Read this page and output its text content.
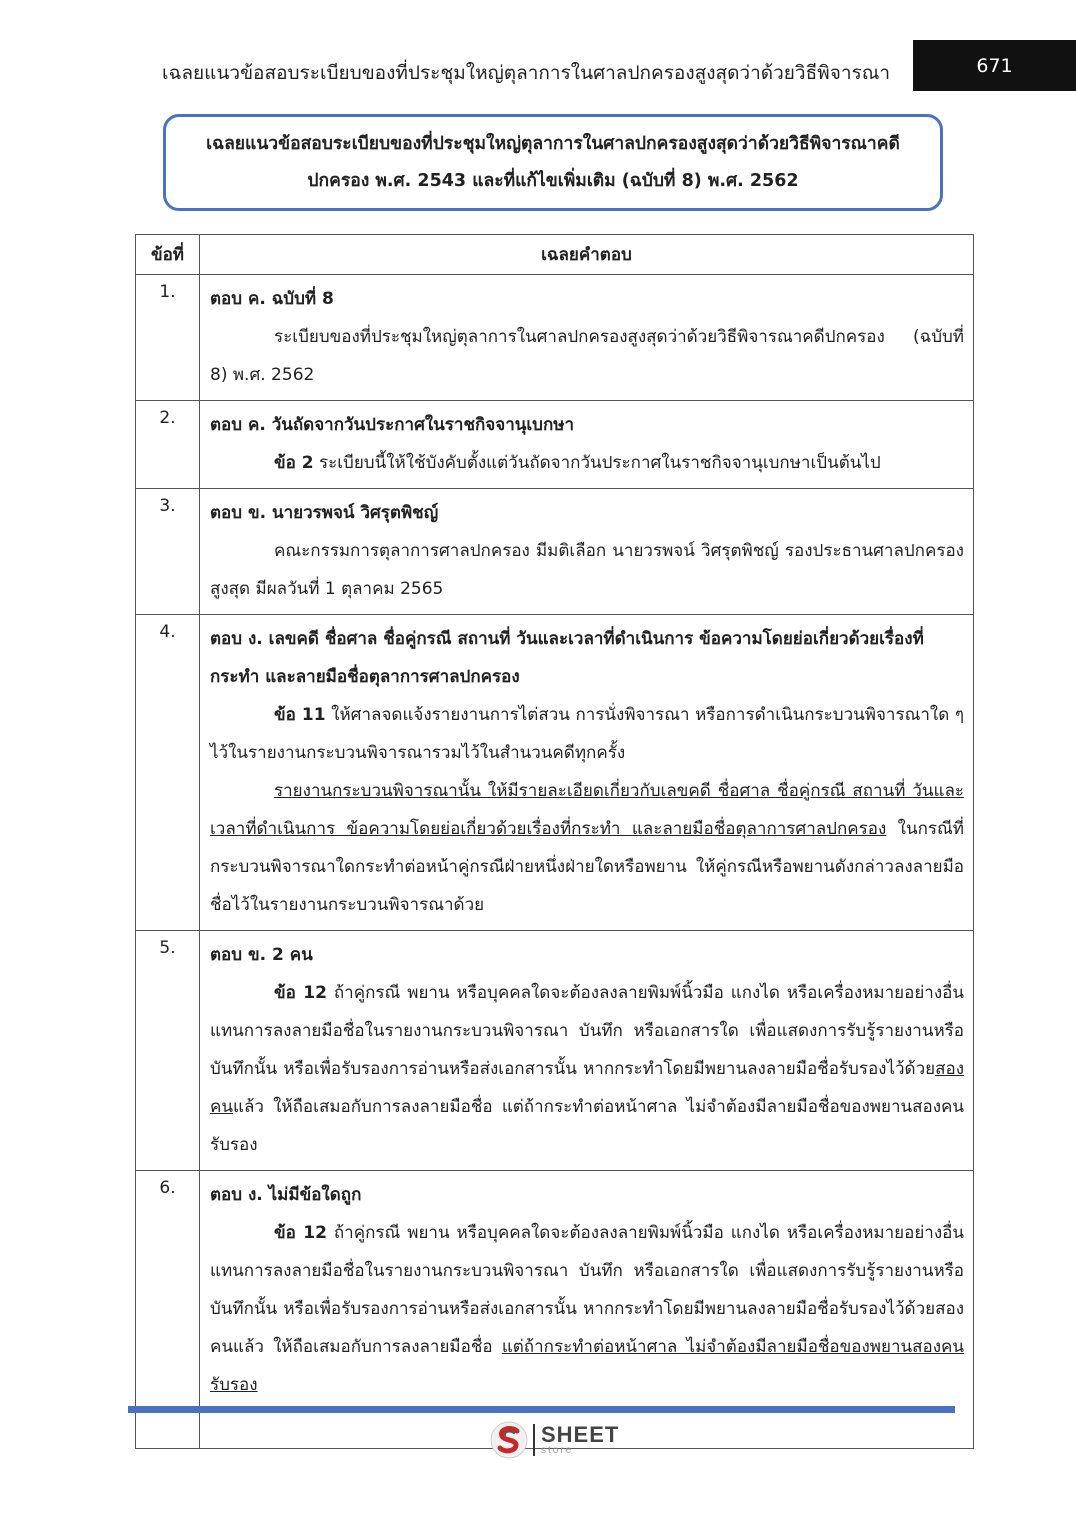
เฉลยแนวข้อสอบระเบียบของที่ประชุมใหญ่ตุลาการในศาลปกครองสูงสุดว่าด้วยวิธีพิจารณา	671
เฉลยแนวข้อสอบระเบียบของที่ประชุมใหญ่ตุลาการในศาลปกครองสูงสุดว่าด้วยวิธีพิจารณาคดี
ปกครอง พ.ศ. 2543 และที่แก้ไขเพิ่มเติม (ฉบับที่ 8) พ.ศ. 2562
ข้อที่	เฉลยคำตอบ
1.	ตอบ ค. ฉบับที่ 8
ระเบียบของที่ประชุมใหญ่ตุลาการในศาลปกครองสูงสุดว่าด้วยวิธีพิจารณาคดีปกครอง (ฉบับที่ 8) พ.ศ. 2562

2.	ตอบ ค. วันถัดจากวันประกาศในราชกิจจานุเบกษา
ข้อ 2 ระเบียบนี้ให้ใช้บังคับตั้งแต่วันถัดจากวันประกาศในราชกิจจานุเบกษาเป็นต้นไป

3.	ตอบ ข. นายวรพจน์ วิศรุตพิชญ์
คณะกรรมการตุลาการศาลปกครอง มีมติเลือก นายวรพจน์ วิศรุตพิชญ์ รองประธานศาลปกครองสูงสุด มีผลวันที่ 1 ตุลาคม 2565

4.	ตอบ ง. เลขคดี ชื่อศาล ชื่อคู่กรณี สถานที่ วันและเวลาที่ดำเนินการ ข้อความโดยย่อเกี่ยวด้วยเรื่องที่กระทำ และลายมือชื่อตุลาการศาลปกครอง
ข้อ 11 ให้ศาลจดแจ้งรายงานการไต่สวน การนั่งพิจารณา หรือการดำเนินกระบวนพิจารณาใด ๆ ไว้ในรายงานกระบวนพิจารณารวมไว้ในสำนวนคดีทุกครั้ง
รายงานกระบวนพิจารณานั้น ให้มีรายละเอียดเกี่ยวกับเลขคดี ชื่อศาล ชื่อคู่กรณี สถานที่ วันและเวลาที่ดำเนินการ ข้อความโดยย่อเกี่ยวด้วยเรื่องที่กระทำ และลายมือชื่อตุลาการศาลปกครอง ในกรณีที่กระบวนพิจารณาใดกระทำต่อหน้าคู่กรณีฝ่ายหนึ่งฝ่ายใดหรือพยาน ให้คู่กรณีหรือพยานดังกล่าวลงลายมือชื่อไว้ในรายงานกระบวนพิจารณาด้วย

5.	ตอบ ข. 2 คน
ข้อ 12 ถ้าคู่กรณี พยาน หรือบุคคลใดจะต้องลงลายพิมพ์นิ้วมือ แกงได หรือเครื่องหมายอย่างอื่นแทนการลงลายมือชื่อในรายงานกระบวนพิจารณา บันทึก หรือเอกสารใด เพื่อแสดงการรับรู้รายงานหรือบันทึกนั้น หรือเพื่อรับรองการอ่านหรือส่งเอกสารนั้น หากกระทำโดยมีพยานลงลายมือชื่อรับรองไว้ด้วยสองคนแล้ว ให้ถือเสมอกับการลงลายมือชื่อ แต่ถ้ากระทำต่อหน้าศาล ไม่จำต้องมีลายมือชื่อของพยานสองคนรับรอง

6.	ตอบ ง. ไม่มีข้อใดถูก
ข้อ 12 ถ้าคู่กรณี พยาน หรือบุคคลใดจะต้องลงลายพิมพ์นิ้วมือ แกงได หรือเครื่องหมายอย่างอื่นแทนการลงลายมือชื่อในรายงานกระบวนพิจารณา บันทึก หรือเอกสารใด เพื่อแสดงการรับรู้รายงานหรือบันทึกนั้น หรือเพื่อรับรองการอ่านหรือส่งเอกสารนั้น หากกระทำโดยมีพยานลงลายมือชื่อรับรองไว้ด้วยสองคนแล้ว ให้ถือเสมอกับการลงลายมือชื่อ แต่ถ้ากระทำต่อหน้าศาล ไม่จำต้องมีลายมือชื่อของพยานสองคนรับรอง
SHEET
store
